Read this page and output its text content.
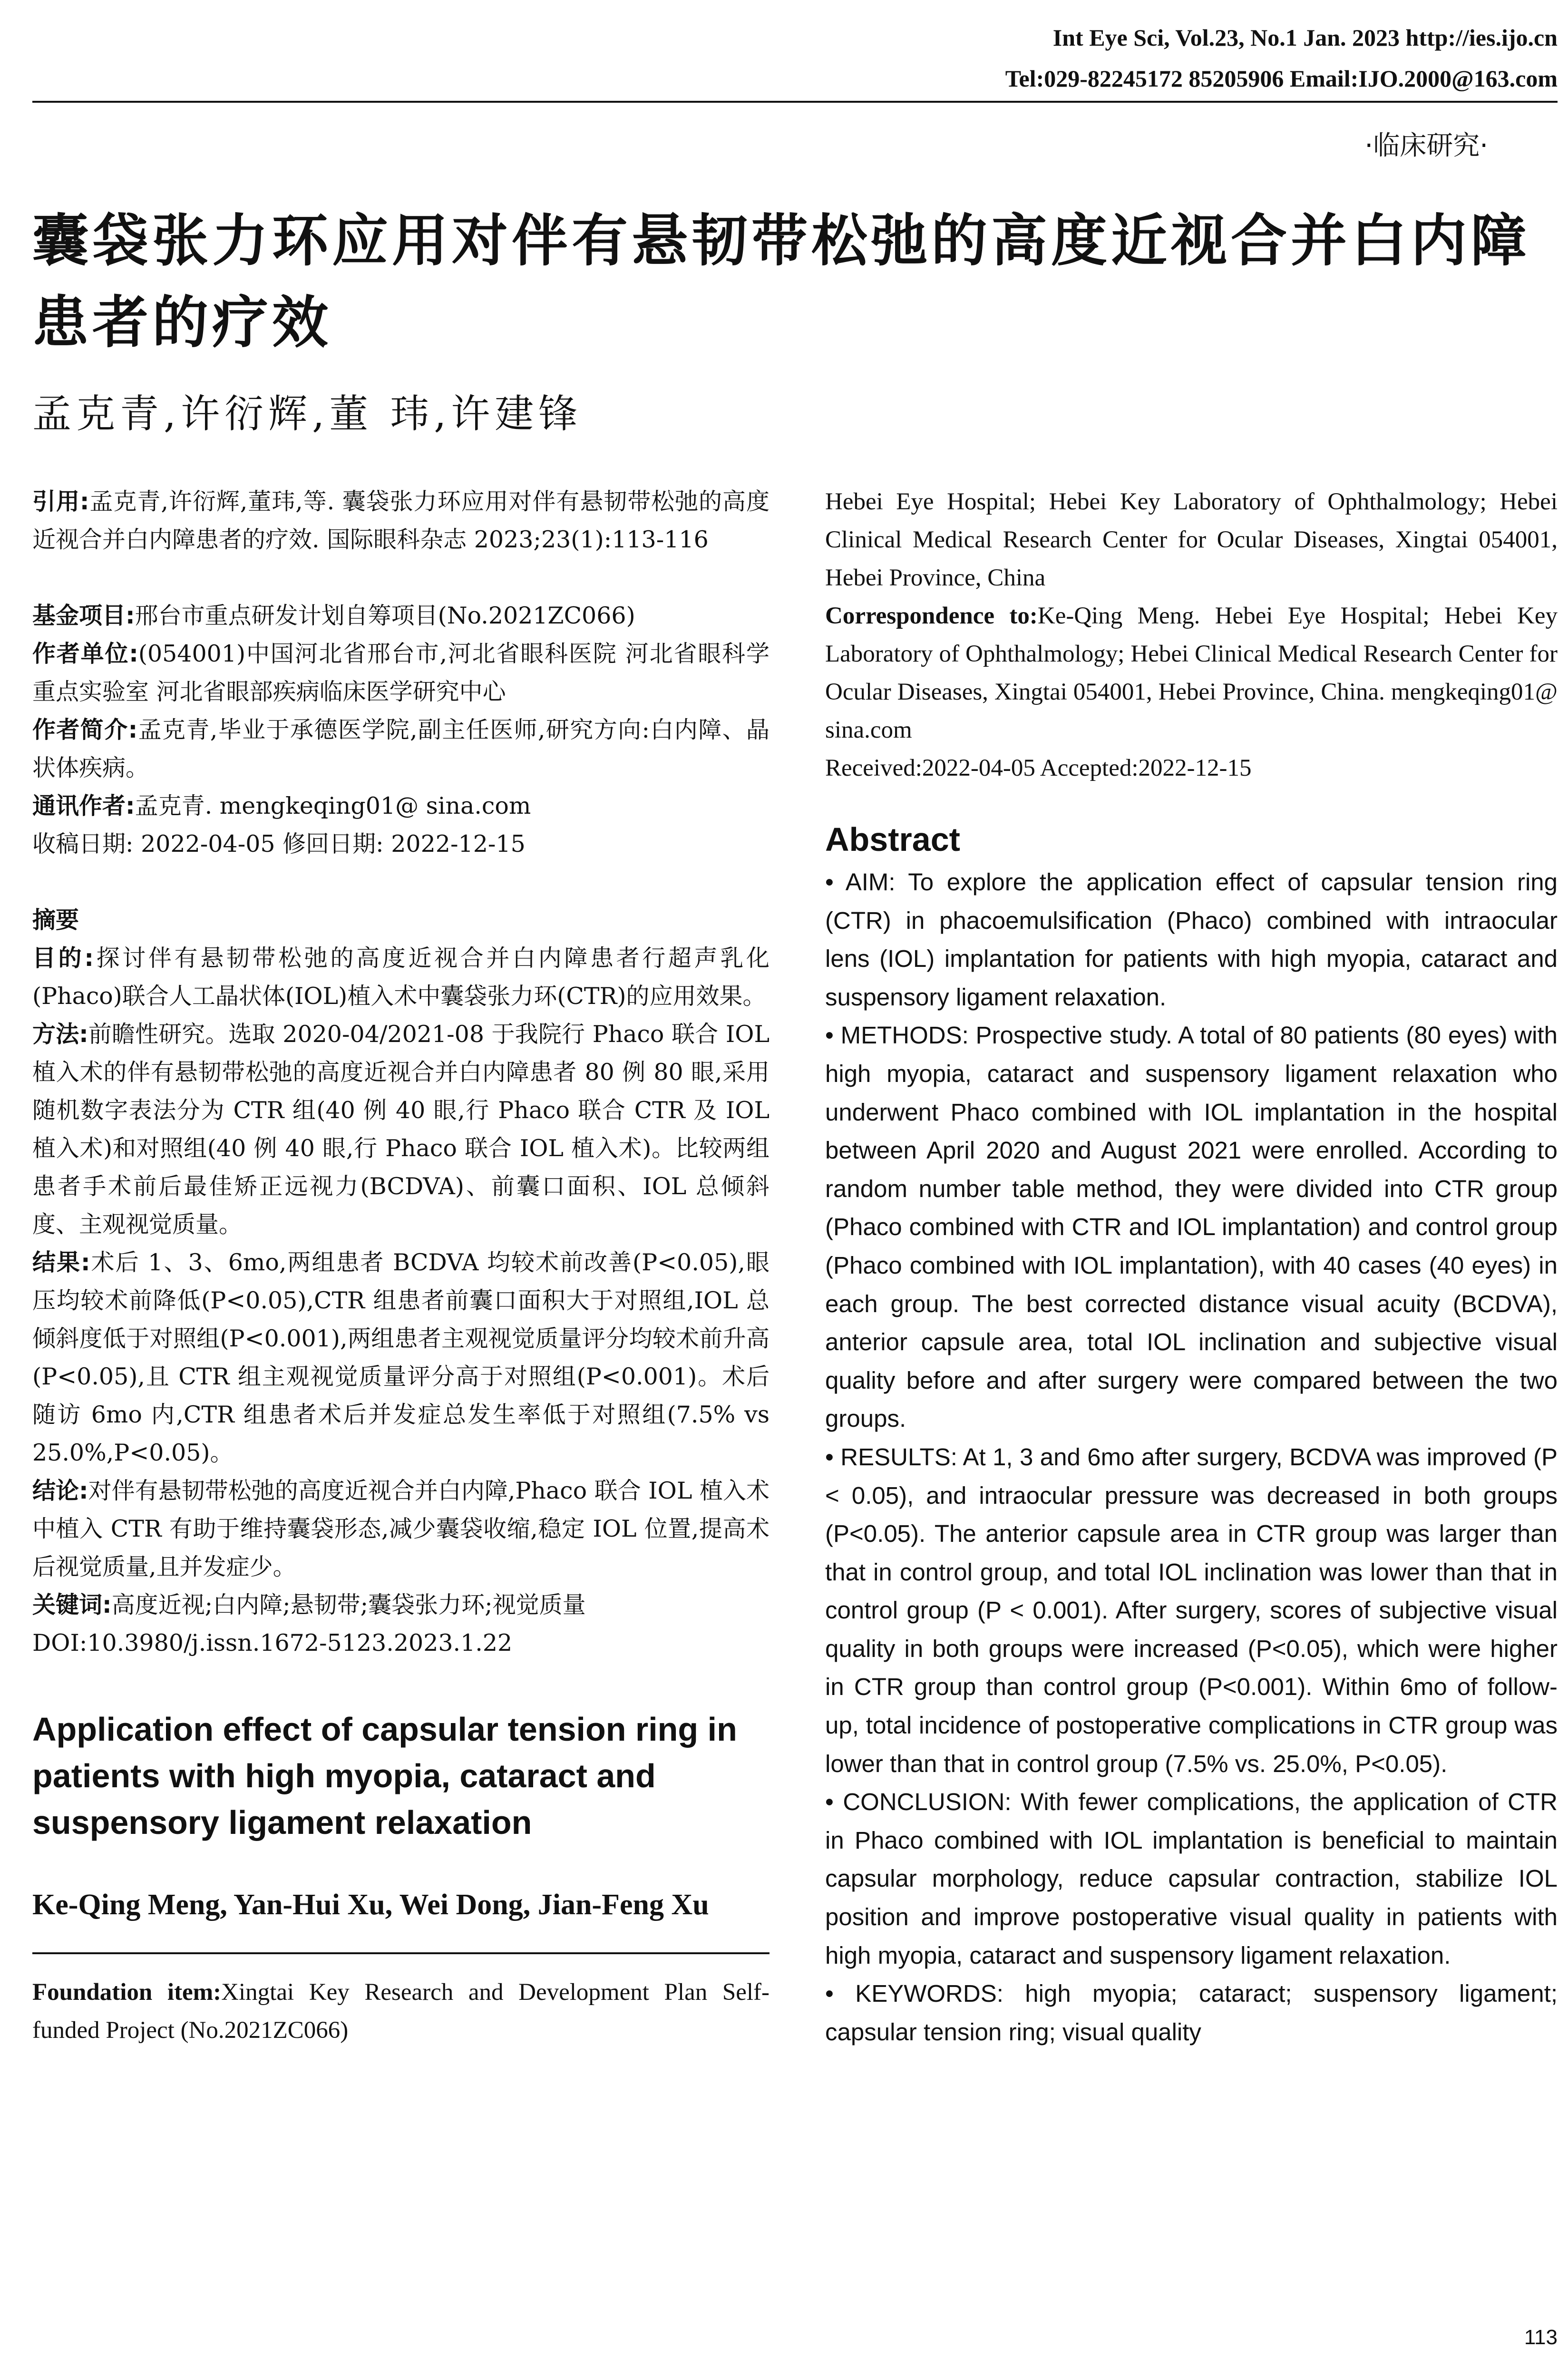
Int Eye Sci, Vol.23, No.1 Jan. 2023 http://ies.ijo.cn
Tel:029-82245172 85205906 Email:IJO.2000@163.com
·临床研究·
囊袋张力环应用对伴有悬韧带松弛的高度近视合并白内障患者的疗效
孟克青,许衍辉,董 玮,许建锋

引用:孟克青,许衍辉,董玮,等. 囊袋张力环应用对伴有悬韧带松弛的高度近视合并白内障患者的疗效. 国际眼科杂志 2023;23(1):113-116

基金项目:邢台市重点研发计划自筹项目(No.2021ZC066)

作者单位:(054001)中国河北省邢台市,河北省眼科医院 河北省眼科学重点实验室 河北省眼部疾病临床医学研究中心

作者简介:孟克青,毕业于承德医学院,副主任医师,研究方向:白内障、晶状体疾病。

通讯作者:孟克青. mengkeqing01@ sina.com

收稿日期: 2022-04-05 修回日期: 2022-12-15

摘要

目的:探讨伴有悬韧带松弛的高度近视合并白内障患者行超声乳化(Phaco)联合人工晶状体(IOL)植入术中囊袋张力环(CTR)的应用效果。

方法:前瞻性研究。选取 2020-04/2021-08 于我院行 Phaco 联合 IOL 植入术的伴有悬韧带松弛的高度近视合并白内障患者 80 例 80 眼,采用随机数字表法分为 CTR 组(40 例 40 眼,行 Phaco 联合 CTR 及 IOL 植入术)和对照组(40 例 40 眼,行 Phaco 联合 IOL 植入术)。比较两组患者手术前后最佳矫正远视力(BCDVA)、前囊口面积、IOL 总倾斜度、主观视觉质量。

结果:术后 1、3、6mo,两组患者 BCDVA 均较术前改善(P<0.05),眼压均较术前降低(P<0.05),CTR 组患者前囊口面积大于对照组,IOL 总倾斜度低于对照组(P<0.001),两组患者主观视觉质量评分均较术前升高(P<0.05),且 CTR 组主观视觉质量评分高于对照组(P<0.001)。术后随访 6mo 内,CTR 组患者术后并发症总发生率低于对照组(7.5% vs 25.0%,P<0.05)。

结论:对伴有悬韧带松弛的高度近视合并白内障,Phaco 联合 IOL 植入术中植入 CTR 有助于维持囊袋形态,减少囊袋收缩,稳定 IOL 位置,提高术后视觉质量,且并发症少。

关键词:高度近视;白内障;悬韧带;囊袋张力环;视觉质量

DOI:10.3980/j.issn.1672-5123.2023.1.22

Application effect of capsular tension ring in patients with high myopia, cataract and suspensory ligament relaxation

Ke-Qing Meng, Yan-Hui Xu, Wei Dong, Jian-Feng Xu

Foundation item:Xingtai Key Research and Development Plan Self-funded Project (No.2021ZC066)

Hebei Eye Hospital; Hebei Key Laboratory of Ophthalmology; Hebei Clinical Medical Research Center for Ocular Diseases, Xingtai 054001, Hebei Province, China

Correspondence to:Ke-Qing Meng. Hebei Eye Hospital; Hebei Key Laboratory of Ophthalmology; Hebei Clinical Medical Research Center for Ocular Diseases, Xingtai 054001, Hebei Province, China. mengkeqing01@ sina.com

Received:2022-04-05 Accepted:2022-12-15

Abstract

• AIM: To explore the application effect of capsular tension ring (CTR) in phacoemulsification (Phaco) combined with intraocular lens (IOL) implantation for patients with high myopia, cataract and suspensory ligament relaxation.

• METHODS: Prospective study. A total of 80 patients (80 eyes) with high myopia, cataract and suspensory ligament relaxation who underwent Phaco combined with IOL implantation in the hospital between April 2020 and August 2021 were enrolled. According to random number table method, they were divided into CTR group (Phaco combined with CTR and IOL implantation) and control group (Phaco combined with IOL implantation), with 40 cases (40 eyes) in each group. The best corrected distance visual acuity (BCDVA), anterior capsule area, total IOL inclination and subjective visual quality before and after surgery were compared between the two groups.

• RESULTS: At 1, 3 and 6mo after surgery, BCDVA was improved (P < 0.05), and intraocular pressure was decreased in both groups (P<0.05). The anterior capsule area in CTR group was larger than that in control group, and total IOL inclination was lower than that in control group (P < 0.001). After surgery, scores of subjective visual quality in both groups were increased (P<0.05), which were higher in CTR group than control group (P<0.001). Within 6mo of follow-up, total incidence of postoperative complications in CTR group was lower than that in control group (7.5% vs. 25.0%, P<0.05).

• CONCLUSION: With fewer complications, the application of CTR in Phaco combined with IOL implantation is beneficial to maintain capsular morphology, reduce capsular contraction, stabilize IOL position and improve postoperative visual quality in patients with high myopia, cataract and suspensory ligament relaxation.

• KEYWORDS: high myopia; cataract; suspensory ligament; capsular tension ring; visual quality

113
